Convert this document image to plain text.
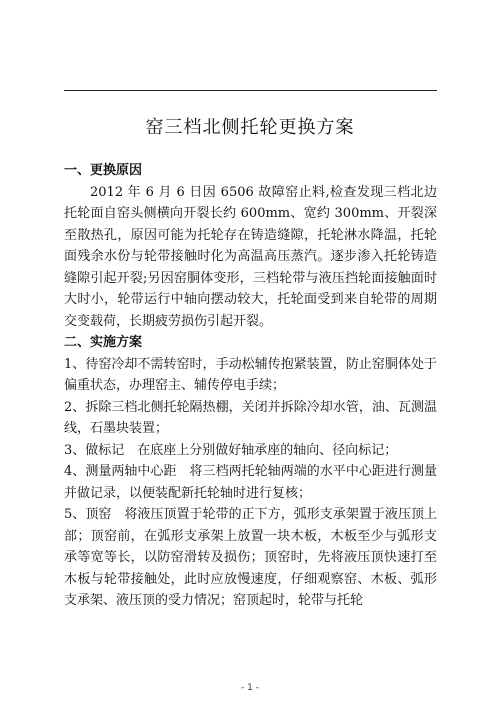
窑三档北侧托轮更换方案

一、更换原因

2012 年 6 月 6 日因 6506 故障窑止料,检查发现三档北边托轮面自窑头侧横向开裂长约 600mm、宽约 300mm、开裂深至散热孔，原因可能为托轮存在铸造缝隙，托轮淋水降温，托轮面残余水份与轮带接触时化为高温高压蒸汽。逐步渗入托轮铸造缝隙引起开裂;另因窑胴体变形，三档轮带与液压挡轮面接触面时大时小，轮带运行中轴向摆动较大，托轮面受到来自轮带的周期交变载荷，长期疲劳损伤引起开裂。

二、实施方案

1、待窑冷却不需转窑时，手动松辅传抱紧装置，防止窑胴体处于偏重状态，办理窑主、辅传停电手续；

2、拆除三档北侧托轮隔热棚，关闭并拆除冷却水管，油、瓦测温线，石墨块装置；

3、做标记　在底座上分别做好轴承座的轴向、径向标记；

4、测量两轴中心距　将三档两托轮轴两端的水平中心距进行测量并做记录，以便装配新托轮轴时进行复核；

5、顶窑　将液压顶置于轮带的正下方，弧形支承架置于液压顶上部；顶窑前，在弧形支承架上放置一块木板，木板至少与弧形支承等宽等长，以防窑滑转及损伤；顶窑时，先将液压顶快速打至木板与轮带接触处，此时应放慢速度，仔细观察窑、木板、弧形支承架、液压顶的受力情况；窑顶起时，轮带与托轮

- 1 -
